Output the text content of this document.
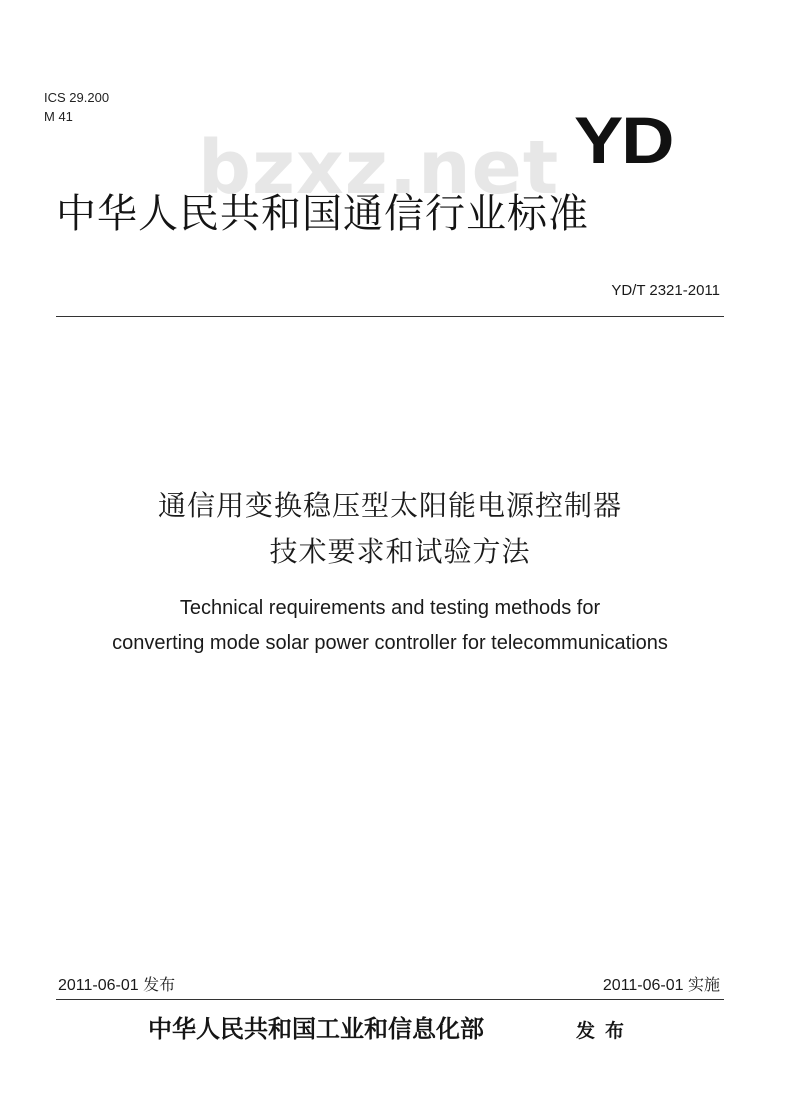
ICS 29.200
M 41
bzxz.net YD
中华人民共和国通信行业标准
YD/T 2321-2011
通信用变换稳压型太阳能电源控制器
技术要求和试验方法
Technical requirements and testing methods for
converting mode solar power controller for telecommunications
2011-06-01 发布	2011-06-01 实施
中华人民共和国工业和信息化部	发布
